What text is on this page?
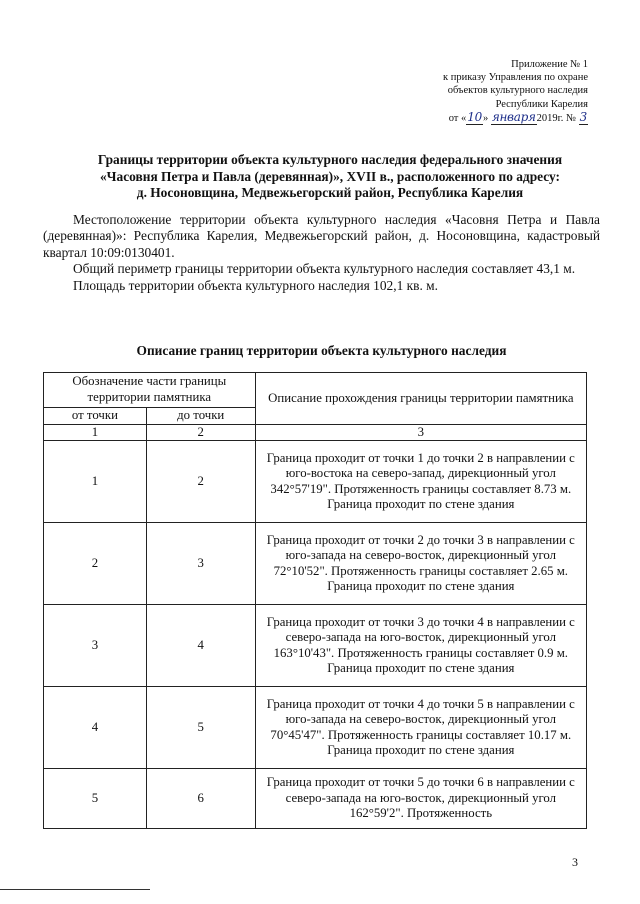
Приложение № 1
к приказу Управления по охране
объектов культурного наследия
Республики Карелия
от «10» января2019г. № 3
Границы территории объекта культурного наследия федерального значения
«Часовня Петра и Павла (деревянная)», XVII в., расположенного по адресу:
д. Носоновщина, Медвежьегорский район, Республика Карелия

Местоположение территории объекта культурного наследия «Часовня Петра и Павла (деревянная)»: Республика Карелия, Медвежьегорский район, д. Носоновщина, кадастровый квартал 10:09:0130401.

Общий периметр границы территории объекта культурного наследия составляет 43,1 м.

Площадь территории объекта культурного наследия 102,1 кв. м.

Описание границ территории объекта культурного наследия
Обозначение части границы территории памятника		Описание прохождения границы территории памятника
от точки	до точки	
1	2	3
1	2	Граница проходит от точки 1 до точки 2 в направлении с юго-востока на северо-запад, дирекционный угол 342°57'19". Протяженность границы составляет 8.73 м. Граница проходит по стене здания
2	3	Граница проходит от точки 2 до точки 3 в направлении с юго-запада на северо-восток, дирекционный угол 72°10'52". Протяженность границы составляет 2.65 м. Граница проходит по стене здания
3	4	Граница проходит от точки 3 до точки 4 в направлении с северо-запада на юго-восток, дирекционный угол 163°10'43". Протяженность границы составляет 0.9 м. Граница проходит по стене здания
4	5	Граница проходит от точки 4 до точки 5 в направлении с юго-запада на северо-восток, дирекционный угол 70°45'47". Протяженность границы составляет 10.17 м. Граница проходит по стене здания
5	6	Граница проходит от точки 5 до точки 6 в направлении с северо-запада на юго-восток, дирекционный угол 162°59'2". Протяженность
3
